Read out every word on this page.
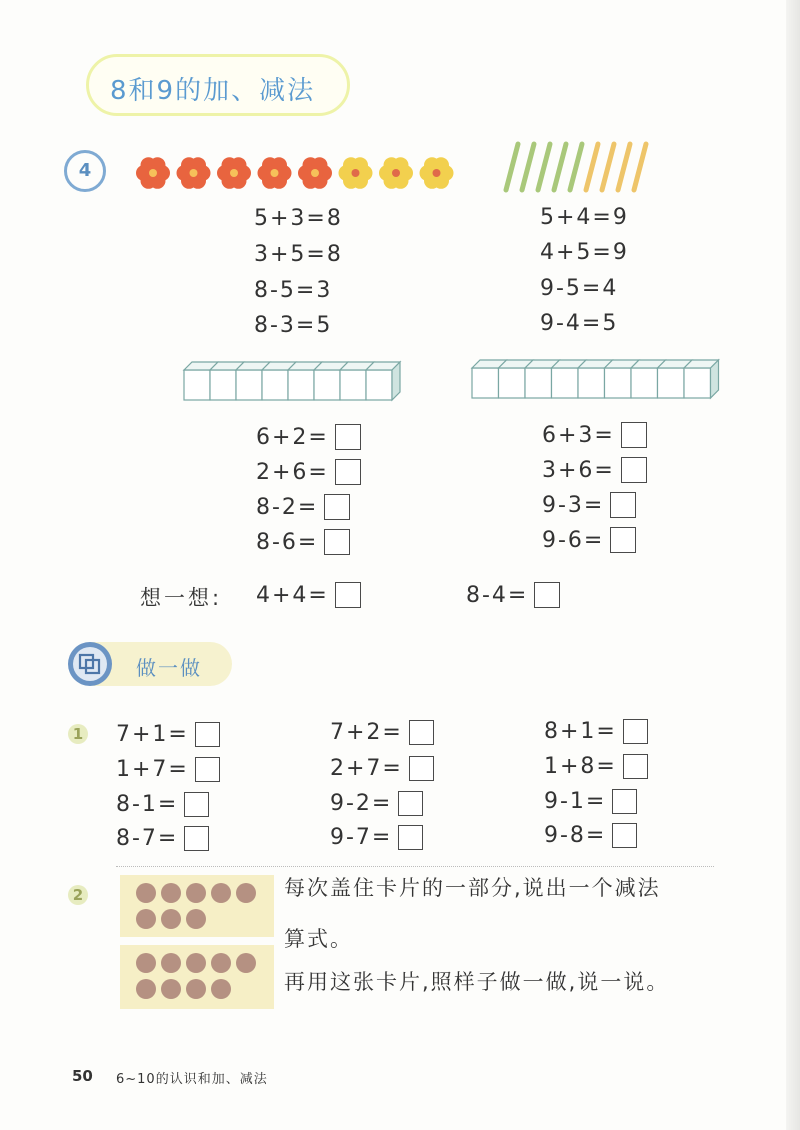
8和9的加、减法
4
5+3=8
3+5=8
8-5=3
8-3=5
5+4=9
4+5=9
9-5=4
9-4=5
6+2=
2+6=
8-2=
8-6=
6+3=
3+6=
9-3=
9-6=
想一想: 4+4=	8-4=
做一做
1 7+1=
1+7=
8-1=
8-7=
7+2=
2+7=
9-2=
9-7=
8+1=
1+8=
9-1=
9-8=
2	每次盖住卡片的一部分,说出一个减法
算式。
再用这张卡片,照样子做一做,说一说。
50 6~10的认识和加、减法
